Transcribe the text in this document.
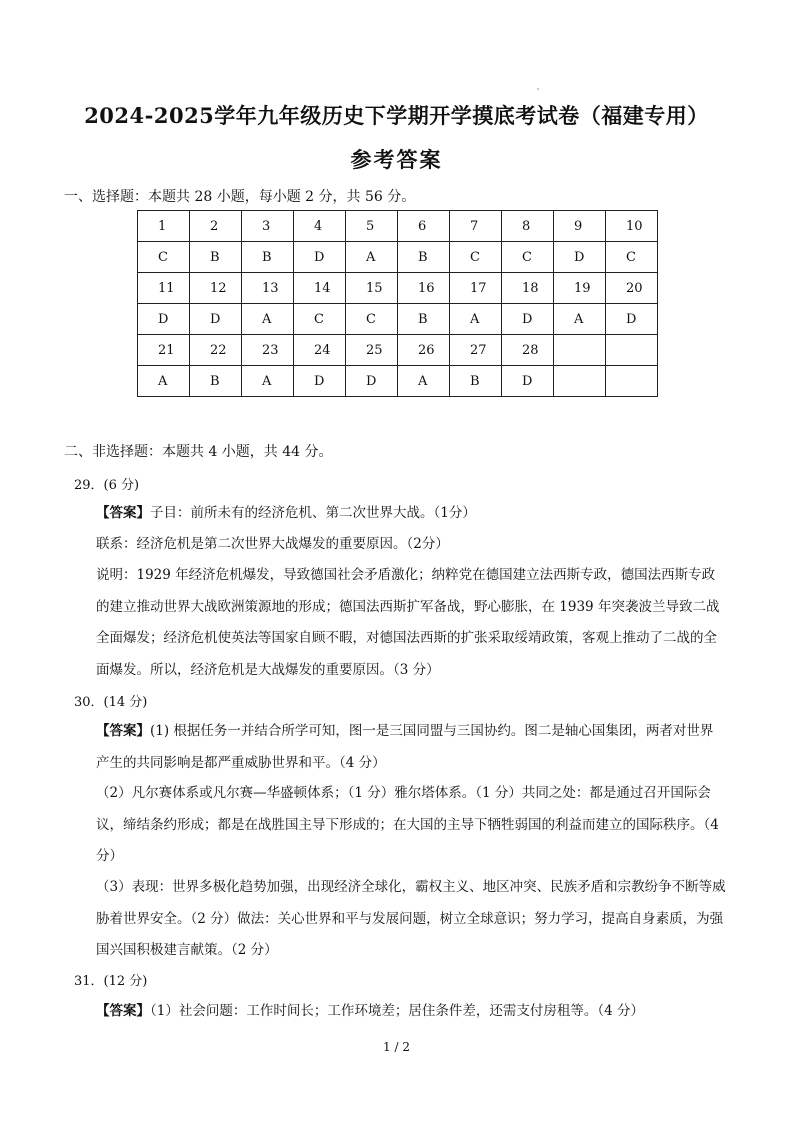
2024-2025学年九年级历史下学期开学摸底考试卷（福建专用）
参考答案
一、选择题：本题共 28 小题，每小题 2 分，共 56 分。
1	2	3	4	5	6	7	8	9	10
C	B	B	D	A	B	C	C	D	C
11	12	13	14	15	16	17	18	19	20
D	D	A	C	C	B	A	D	A	D
21	22	23	24	25	26	27	28		
A	B	A	D	D	A	B	D		
二、非选择题：本题共 4 小题，共 44 分。
29．(6 分)
【答案】子目：前所未有的经济危机、第二次世界大战。（1分）
联系：经济危机是第二次世界大战爆发的重要原因。（2分）
说明：1929 年经济危机爆发，导致德国社会矛盾激化；纳粹党在德国建立法西斯专政，德国法西斯专政的建立推动世界大战欧洲策源地的形成；德国法西斯扩军备战，野心膨胀，在 1939 年突袭波兰导致二战全面爆发；经济危机使英法等国家自顾不暇，对德国法西斯的扩张采取绥靖政策，客观上推动了二战的全面爆发。所以，经济危机是大战爆发的重要原因。（3 分）
30．(14 分)
【答案】(1) 根据任务一并结合所学可知，图一是三国同盟与三国协约。图二是轴心国集团，两者对世界产生的共同影响是都严重威胁世界和平。（4 分）
（2）凡尔赛体系或凡尔赛—华盛顿体系；（1 分）雅尔塔体系。（1 分）共同之处：都是通过召开国际会议，缔结条约形成；都是在战胜国主导下形成的；在大国的主导下牺牲弱国的利益而建立的国际秩序。（4 分）
（3）表现：世界多极化趋势加强，出现经济全球化，霸权主义、地区冲突、民族矛盾和宗教纷争不断等威胁着世界安全。（2 分）做法：关心世界和平与发展问题，树立全球意识；努力学习，提高自身素质，为强国兴国积极建言献策。（2 分）
31．(12 分)
【答案】（1）社会问题：工作时间长；工作环境差；居住条件差，还需支付房租等。（4 分）
1 / 2
